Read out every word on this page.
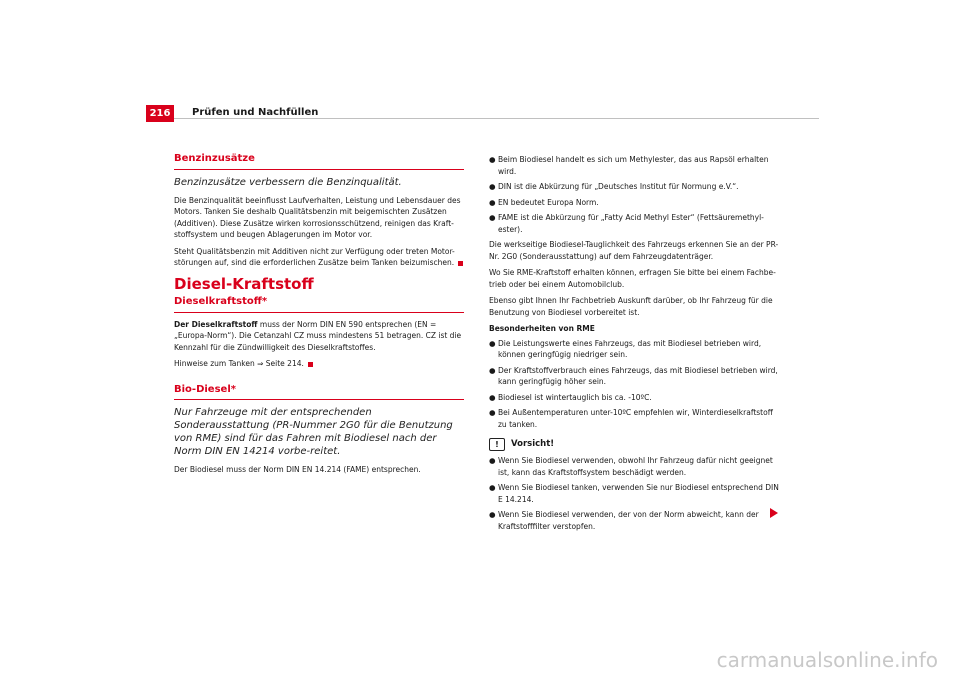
216	Prüfen und Nachfüllen
Benzinzusätze
Benzinzusätze verbessern die Benzinqualität.

Die Benzinqualität beeinflusst Laufverhalten, Leistung und Lebensdauer des Motors. Tanken Sie deshalb Qualitätsbenzin mit beigemischten Zusätzen (Additiven). Diese Zusätze wirken korrosionsschützend, reinigen das Kraft-stoffsystem und beugen Ablagerungen im Motor vor.

Steht Qualitätsbenzin mit Additiven nicht zur Verfügung oder treten Motor-störungen auf, sind die erforderlichen Zusätze beim Tanken beizumischen.

Diesel-Kraftstoff
Dieselkraftstoff*

Der Dieselkraftstoff muss der Norm DIN EN 590 entsprechen (EN = „Europa-Norm“). Die Cetanzahl CZ muss mindestens 51 betragen. CZ ist die Kennzahl für die Zündwilligkeit des Dieselkraftstoffes.

Hinweise zum Tanken ⇒ Seite 214.

Bio-Diesel*
Nur Fahrzeuge mit der entsprechenden Sonderausstattung (PR-Nummer 2G0 für die Benutzung von RME) sind für das Fahren mit Biodiesel nach der Norm DIN EN 14214 vorbe-reitet.

Der Biodiesel muss der Norm DIN EN 14.214 (FAME) entsprechen.

● Beim Biodiesel handelt es sich um Methylester, das aus Rapsöl erhalten wird.
● DIN ist die Abkürzung für „Deutsches Institut für Normung e.V.“.
● EN bedeutet Europa Norm.
● FAME ist die Abkürzung für „Fatty Acid Methyl Ester“ (Fettsäuremethyl-ester).

Die werkseitige Biodiesel-Tauglichkeit des Fahrzeugs erkennen Sie an der PR-Nr. 2G0 (Sonderausstattung) auf dem Fahrzeugdatenträger.

Wo Sie RME-Kraftstoff erhalten können, erfragen Sie bitte bei einem Fachbe-trieb oder bei einem Automobilclub.

Ebenso gibt Ihnen Ihr Fachbetrieb Auskunft darüber, ob Ihr Fahrzeug für die Benutzung von Biodiesel vorbereitet ist.

Besonderheiten von RME

● Die Leistungswerte eines Fahrzeugs, das mit Biodiesel betrieben wird, können geringfügig niedriger sein.
● Der Kraftstoffverbrauch eines Fahrzeugs, das mit Biodiesel betrieben wird, kann geringfügig höher sein.
● Biodiesel ist wintertauglich bis ca. -10ºC.
● Bei Außentemperaturen unter-10ºC empfehlen wir, Winterdieselkraftstoff zu tanken.
!	Vorsicht!
● Wenn Sie Biodiesel verwenden, obwohl Ihr Fahrzeug dafür nicht geeignet ist, kann das Kraftstoffsystem beschädigt werden.
● Wenn Sie Biodiesel tanken, verwenden Sie nur Biodiesel entsprechend DIN E 14.214.
● Wenn Sie Biodiesel verwenden, der von der Norm abweicht, kann der Kraftstofffilter verstopfen.
carmanualsonline.info
